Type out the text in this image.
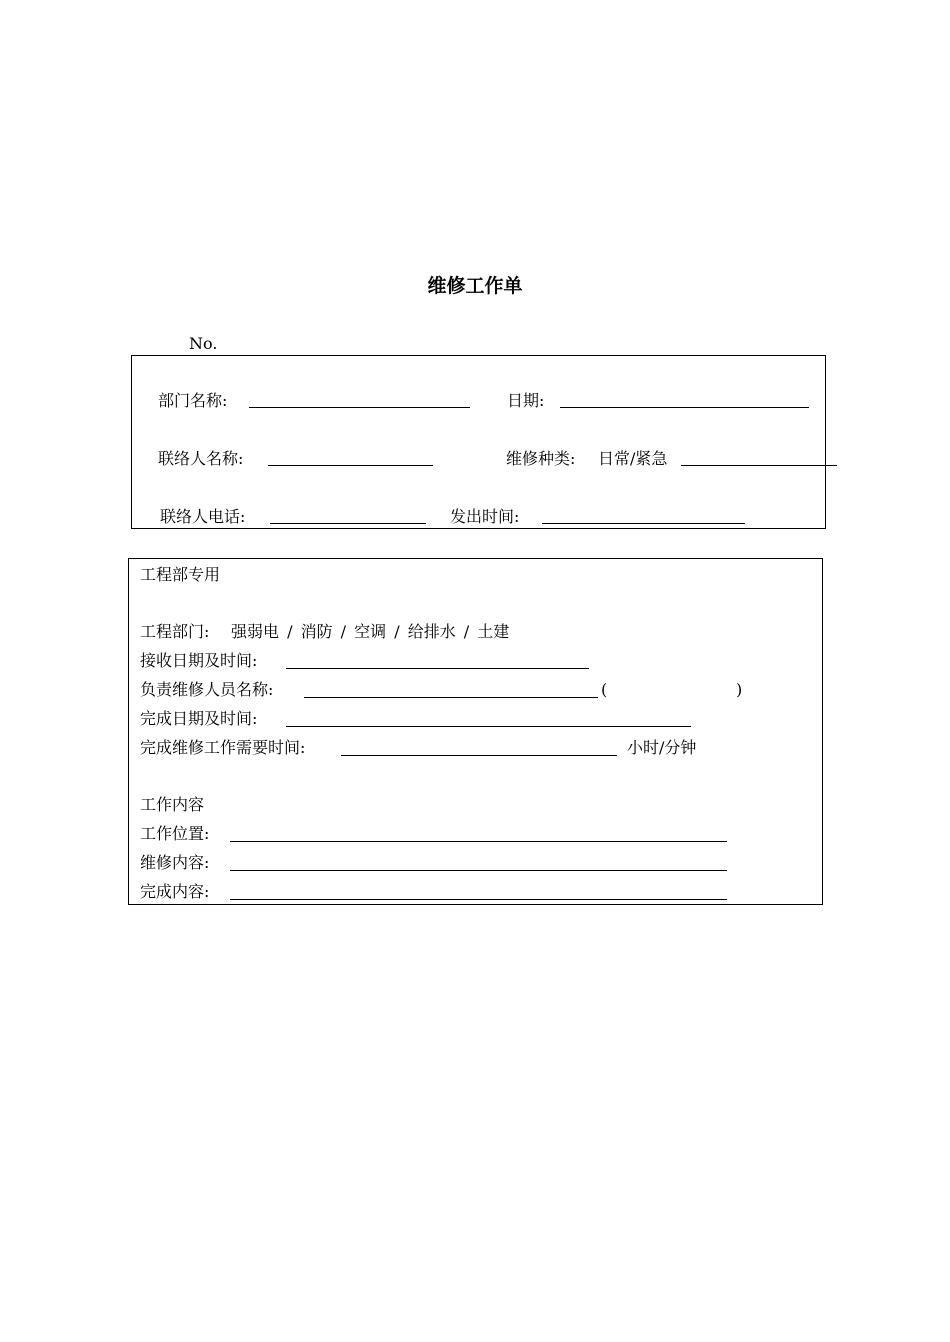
维修工作单
No.
部门名称:	日期:
联络人名称:	维修种类: 日常/紧急
联络人电话:	发出时间:
工程部专用
工程部门: 强弱电 / 消防 / 空调 / 给排水 / 土建
接收日期及时间:
负责维修人员名称:	(	)
完成日期及时间:
完成维修工作需要时间:	小时/分钟
工作内容
工作位置:
维修内容:
完成内容:
